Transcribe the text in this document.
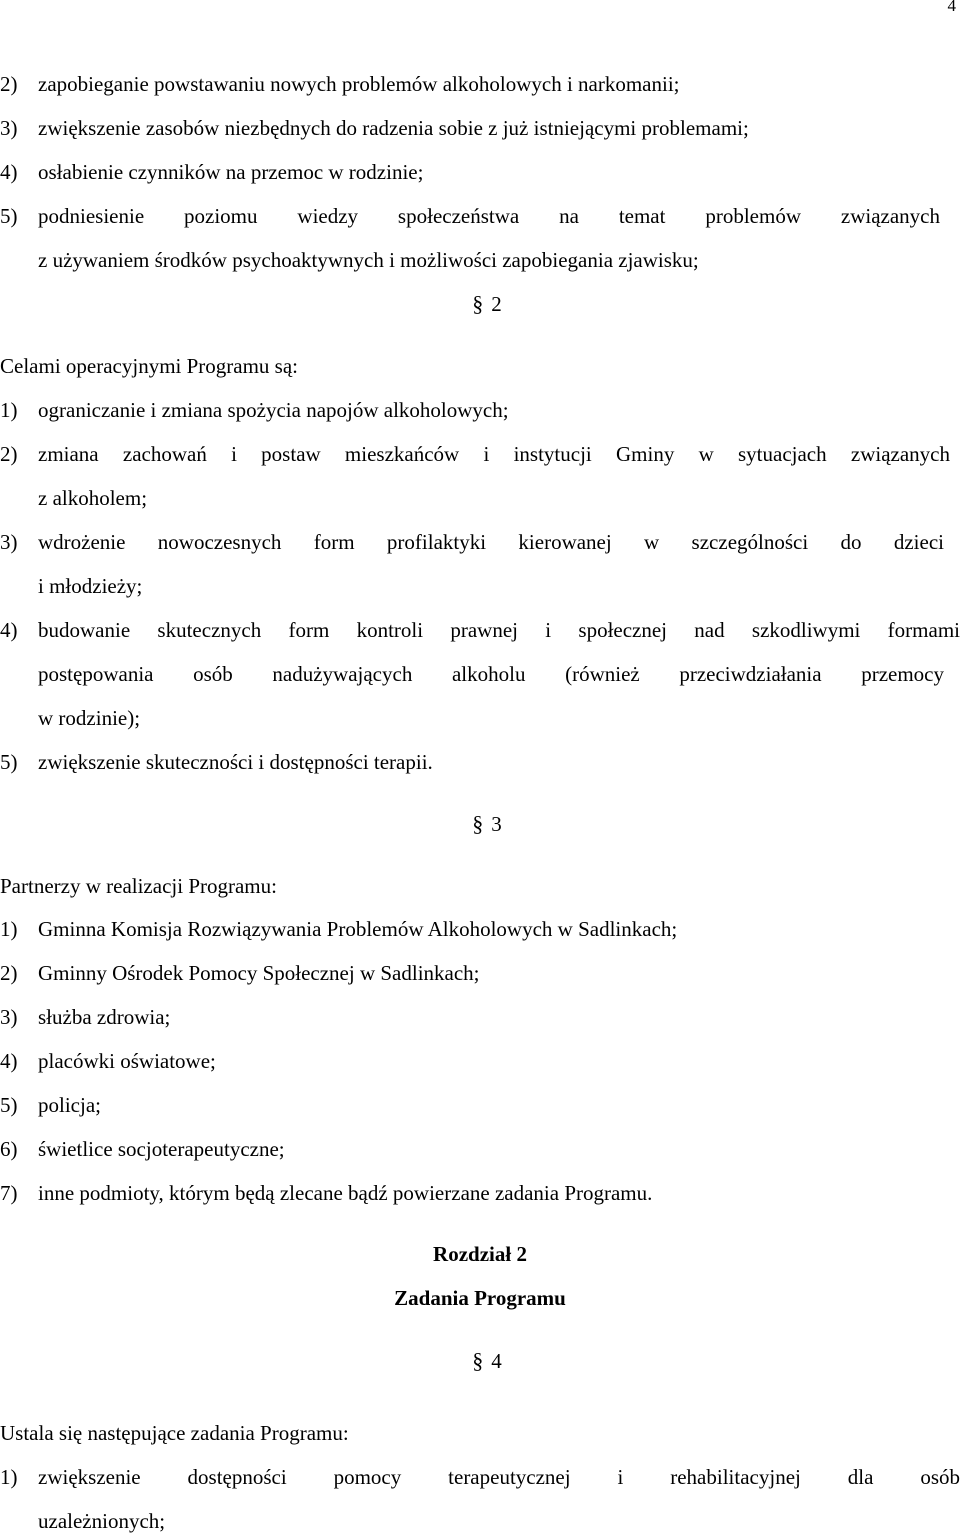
4
2) zapobieganie powstawaniu nowych problemów alkoholowych i narkomanii;
3) zwiększenie zasobów niezbędnych do radzenia sobie z już istniejącymi problemami;
4) osłabienie czynników na przemoc w rodzinie;
5) podniesienie poziomu wiedzy społeczeństwa na temat problemów związanych
z używaniem środków psychoaktywnych i możliwości zapobiegania zjawisku;
§ 2
Celami operacyjnymi Programu są:
1) ograniczanie i zmiana spożycia napojów alkoholowych;
2) zmiana zachowań i postaw mieszkańców i instytucji Gminy w sytuacjach związanych
z alkoholem;
3) wdrożenie nowoczesnych form profilaktyki kierowanej w szczególności do dzieci
i młodzieży;
4) budowanie skutecznych form kontroli prawnej i społecznej nad szkodliwymi formami
postępowania osób nadużywających alkoholu (również przeciwdziałania przemocy
w rodzinie);
5) zwiększenie skuteczności i dostępności terapii.
§ 3
Partnerzy w realizacji Programu:
1) Gminna Komisja Rozwiązywania Problemów Alkoholowych w Sadlinkach;
2) Gminny Ośrodek Pomocy Społecznej w Sadlinkach;
3) służba zdrowia;
4) placówki oświatowe;
5) policja;
6) świetlice socjoterapeutyczne;
7) inne podmioty, którym będą zlecane bądź powierzane zadania Programu.
Rozdział 2
Zadania Programu
§ 4
Ustala się następujące zadania Programu:
1) zwiększenie dostępności pomocy terapeutycznej i rehabilitacyjnej dla osób
uzależnionych;
